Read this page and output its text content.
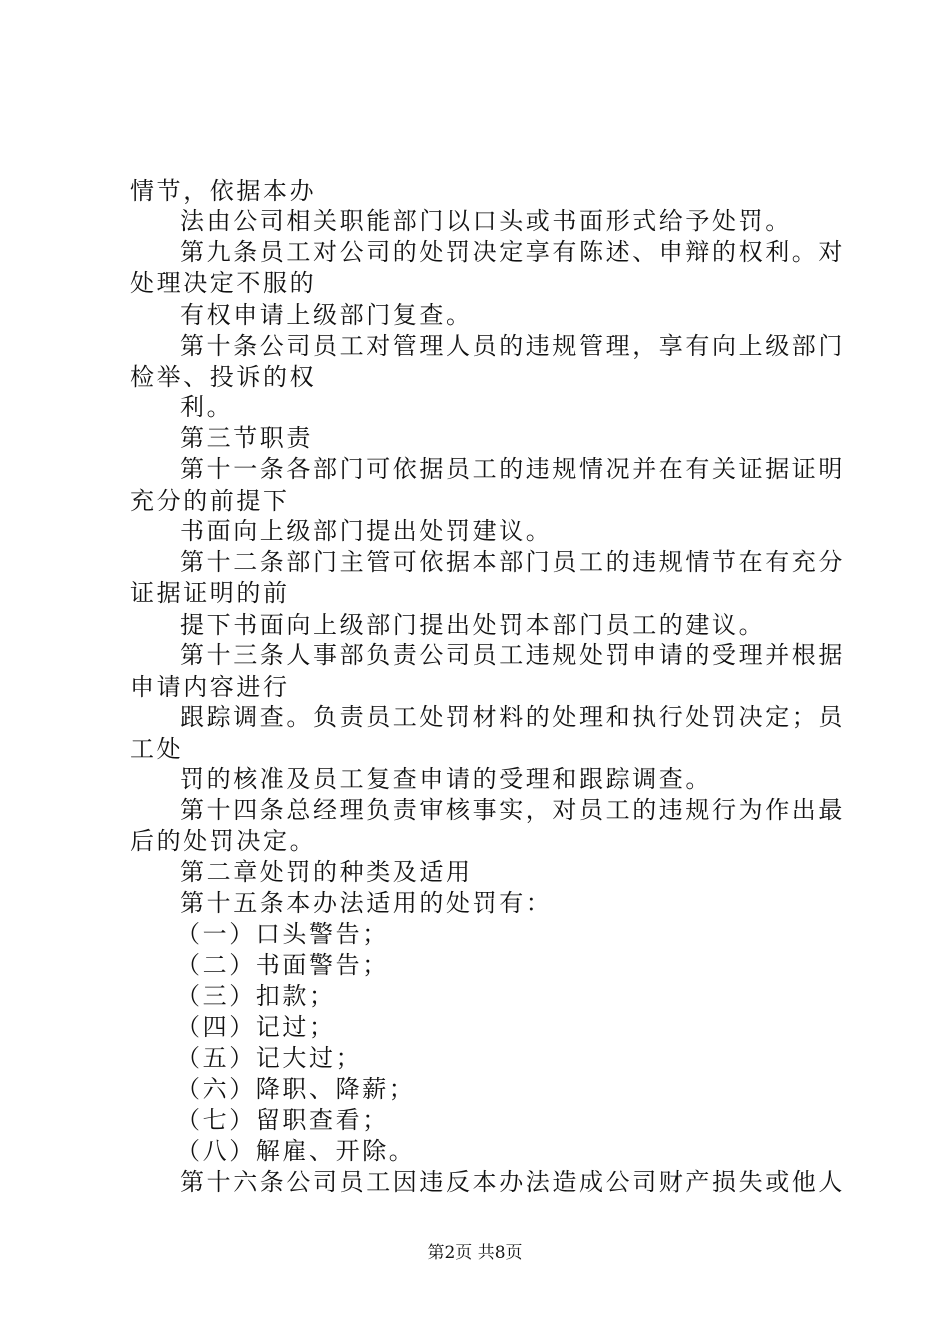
情节，依据本办
法由公司相关职能部门以口头或书面形式给予处罚。
第九条员工对公司的处罚决定享有陈述、申辩的权利。对
处理决定不服的
有权申请上级部门复查。
第十条公司员工对管理人员的违规管理，享有向上级部门
检举、投诉的权
利。
第三节职责
第十一条各部门可依据员工的违规情况并在有关证据证明
充分的前提下
书面向上级部门提出处罚建议。
第十二条部门主管可依据本部门员工的违规情节在有充分
证据证明的前
提下书面向上级部门提出处罚本部门员工的建议。
第十三条人事部负责公司员工违规处罚申请的受理并根据
申请内容进行
跟踪调查。负责员工处罚材料的处理和执行处罚决定；员
工处
罚的核准及员工复查申请的受理和跟踪调查。
第十四条总经理负责审核事实，对员工的违规行为作出最
后的处罚决定。
第二章处罚的种类及适用
第十五条本办法适用的处罚有：
（一）口头警告；
（二）书面警告；
（三）扣款；
（四）记过；
（五）记大过；
（六）降职、降薪；
（七）留职查看；
（八）解雇、开除。
第十六条公司员工因违反本办法造成公司财产损失或他人
第2页 共8页
